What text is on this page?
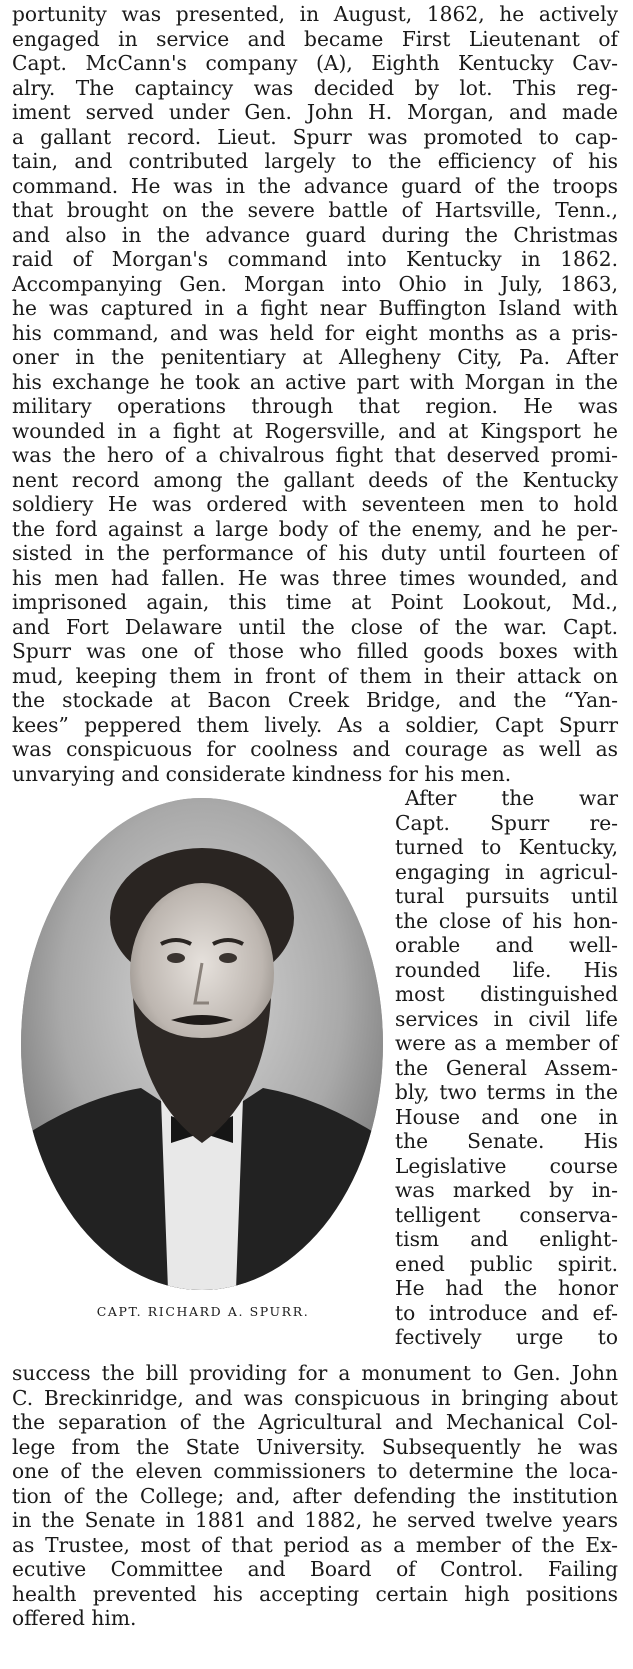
portunity was presented, in August, 1862, he actively
engaged in service and became First Lieutenant of
Capt. McCann's company (A), Eighth Kentucky Cav-
alry. The captaincy was decided by lot. This reg-
iment served under Gen. John H. Morgan, and made
a gallant record. Lieut. Spurr was promoted to cap-
tain, and contributed largely to the efficiency of his
command. He was in the advance guard of the troops
that brought on the severe battle of Hartsville, Tenn.,
and also in the advance guard during the Christmas
raid of Morgan's command into Kentucky in 1862.
Accompanying Gen. Morgan into Ohio in July, 1863,
he was captured in a fight near Buffington Island with
his command, and was held for eight months as a pris-
oner in the penitentiary at Allegheny City, Pa. After
his exchange he took an active part with Morgan in the
military operations through that region. He was
wounded in a fight at Rogersville, and at Kingsport he
was the hero of a chivalrous fight that deserved promi-
nent record among the gallant deeds of the Kentucky
soldiery He was ordered with seventeen men to hold
the ford against a large body of the enemy, and he per-
sisted in the performance of his duty until fourteen of
his men had fallen. He was three times wounded, and
imprisoned again, this time at Point Lookout, Md.,
and Fort Delaware until the close of the war. Capt.
Spurr was one of those who filled goods boxes with
mud, keeping them in front of them in their attack on
the stockade at Bacon Creek Bridge, and the “Yan-
kees” peppered them lively. As a soldier, Capt Spurr
was conspicuous for coolness and courage as well as
unvarying and considerate kindness for his men.
CAPT. RICHARD A. SPURR.
After the war
Capt. Spurr re-
turned to Kentucky,
engaging in agricul-
tural pursuits until
the close of his hon-
orable and well-
rounded life. His
most distinguished
services in civil life
were as a member of
the General Assem-
bly, two terms in the
House and one in
the Senate. His
Legislative course
was marked by in-
telligent conserva-
tism and enlight-
ened public spirit.
He had the honor
to introduce and ef-
fectively urge to
success the bill providing for a monument to Gen. John
C. Breckinridge, and was conspicuous in bringing about
the separation of the Agricultural and Mechanical Col-
lege from the State University. Subsequently he was
one of the eleven commissioners to determine the loca-
tion of the College; and, after defending the institution
in the Senate in 1881 and 1882, he served twelve years
as Trustee, most of that period as a member of the Ex-
ecutive Committee and Board of Control. Failing
health prevented his accepting certain high positions
offered him.
